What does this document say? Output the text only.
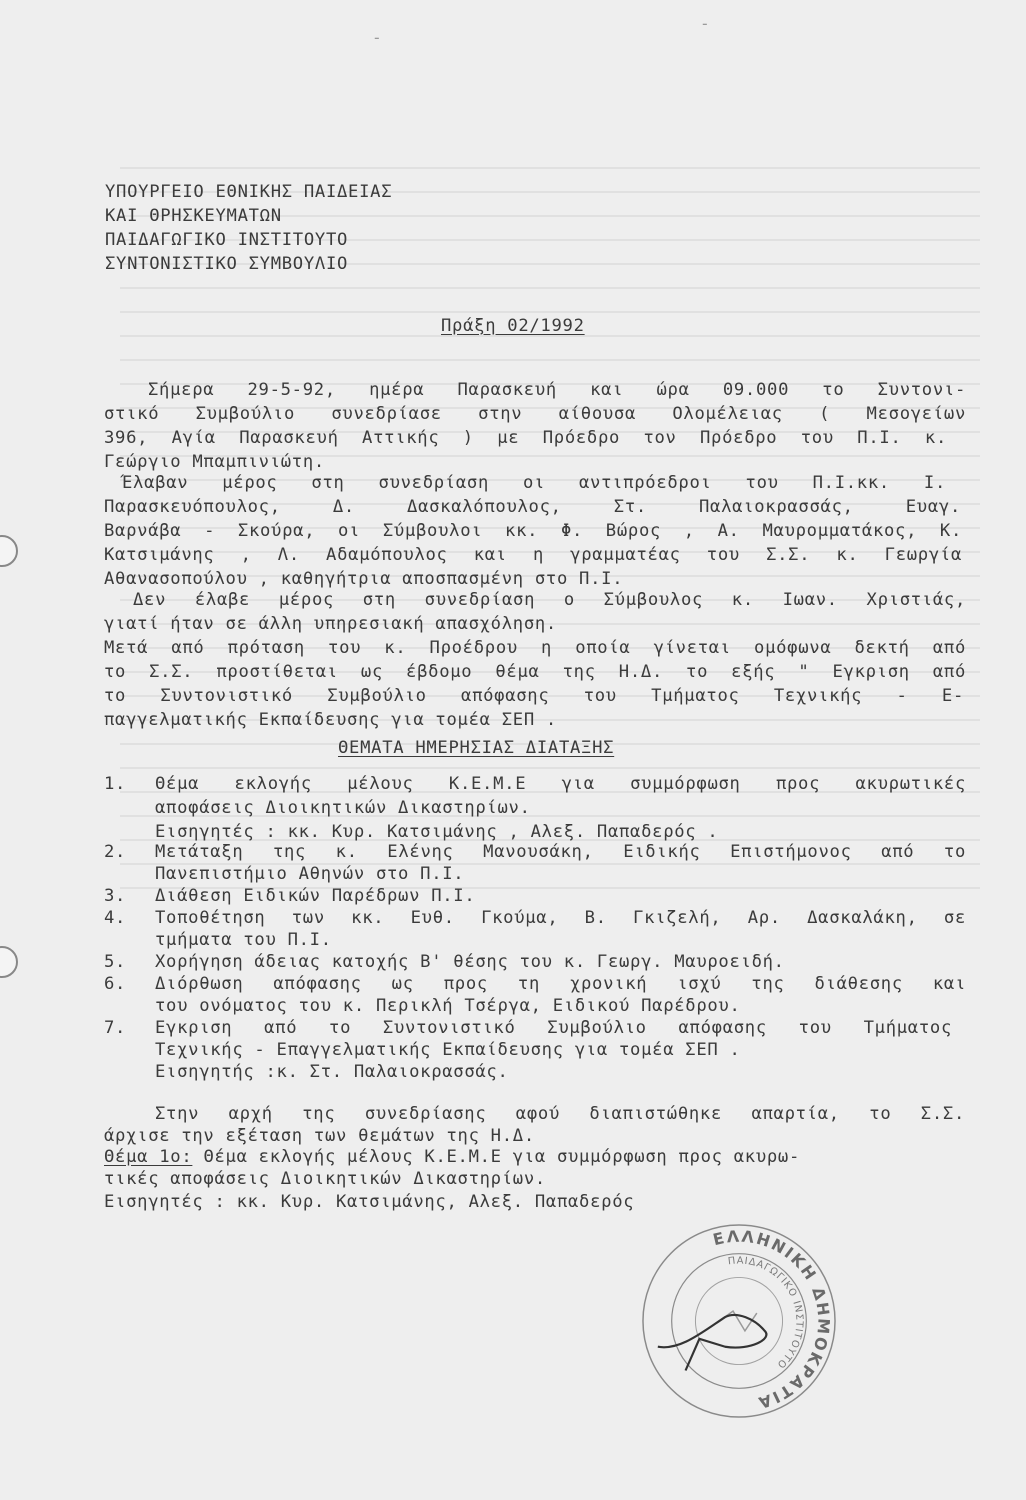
-
-
ΥΠΟΥΡΓΕΙΟ ΕΘΝΙΚΗΣ ΠΑΙΔΕΙΑΣ
ΚΑΙ ΘΡΗΣΚΕΥΜΑΤΩΝ
ΠΑΙΔΑΓΩΓΙΚΟ ΙΝΣΤΙΤΟΥΤΟ
ΣΥΝΤΟΝΙΣΤΙΚΟ ΣΥΜΒΟΥΛΙΟ
Πράξη 02/1992
Σήμερα 29-5-92, ημέρα Παρασκευή και ώρα 09.000 το Συντονι-
στικό Συμβούλιο συνεδρίασε στην αίθουσα Ολομέλειας ( Μεσογείων
396, Αγία Παρασκευή Αττικής ) με Πρόεδρο τον Πρόεδρο του Π.Ι. κ.
Γεώργιο Μπαμπινιώτη.
Έλαβαν μέρος στη συνεδρίαση οι αντιπρόεδροι του Π.Ι.κκ. Ι.
Παρασκευόπουλος, Δ. Δασκαλόπουλος, Στ. Παλαιοκρασσάς, Ευαγ.
Βαρνάβα - Σκούρα, οι Σύμβουλοι κκ. Φ. Βώρος , Α. Μαυρομματάκος, Κ.
Κατσιμάνης , Λ. Αδαμόπουλος και η γραμματέας του Σ.Σ. κ. Γεωργία
Αθανασοπούλου , καθηγήτρια αποσπασμένη στο Π.Ι.
Δεν έλαβε μέρος στη συνεδρίαση ο Σύμβουλος κ. Ιωαν. Χριστιάς,
γιατί ήταν σε άλλη υπηρεσιακή απασχόληση.
Μετά από πρόταση του κ. Προέδρου η οποία γίνεται ομόφωνα δεκτή από
το Σ.Σ. προστίθεται ως έβδομο θέμα της Η.Δ. το εξής " Εγκριση από
το Συντονιστικό Συμβούλιο απόφασης του Τμήματος Τεχνικής - Ε-
παγγελματικής Εκπαίδευσης για τομέα ΣΕΠ .
ΘΕΜΑΤΑ ΗΜΕΡΗΣΙΑΣ ΔΙΑΤΑΞΗΣ
1. Θέμα εκλογής μέλους Κ.Ε.Μ.Ε για συμμόρφωση προς ακυρωτικές
αποφάσεις Διοικητικών Δικαστηρίων.
Εισηγητές : κκ. Κυρ. Κατσιμάνης , Αλεξ. Παπαδερός .
2. Μετάταξη της κ. Ελένης Μανουσάκη, Ειδικής Επιστήμονος από το
Πανεπιστήμιο Αθηνών στο Π.Ι.
3. Διάθεση Ειδικών Παρέδρων Π.Ι.
4. Τοποθέτηση των κκ. Ευθ. Γκούμα, Β. Γκιζελή, Αρ. Δασκαλάκη, σε
τμήματα του Π.Ι.
5. Χορήγηση άδειας κατοχής Β' θέσης του κ. Γεωργ. Μαυροειδή.
6. Διόρθωση απόφασης ως προς τη χρονική ισχύ της διάθεσης και
του ονόματος του κ. Περικλή Τσέργα, Ειδικού Παρέδρου.
7. Εγκριση από το Συντονιστικό Συμβούλιο απόφασης του Τμήματος
Τεχνικής - Επαγγελματικής Εκπαίδευσης για τομέα ΣΕΠ .
Εισηγητής :κ. Στ. Παλαιοκρασσάς.
Στην αρχή της συνεδρίασης αφού διαπιστώθηκε απαρτία, το Σ.Σ.
άρχισε την εξέταση των θεμάτων της Η.Δ.
Θέμα 1ο: Θέμα εκλογής μέλους Κ.Ε.Μ.Ε για συμμόρφωση προς ακυρω-
τικές αποφάσεις Διοικητικών Δικαστηρίων.
Εισηγητές : κκ. Κυρ. Κατσιμάνης, Αλεξ. Παπαδερός
ΕΛΛΗΝΙΚΗ ΔΗΜΟΚΡΑΤΙΑ
ΠΑΙΔΑΓΩΓΙΚΟ ΙΝΣΤΙΤΟΥΤΟ
